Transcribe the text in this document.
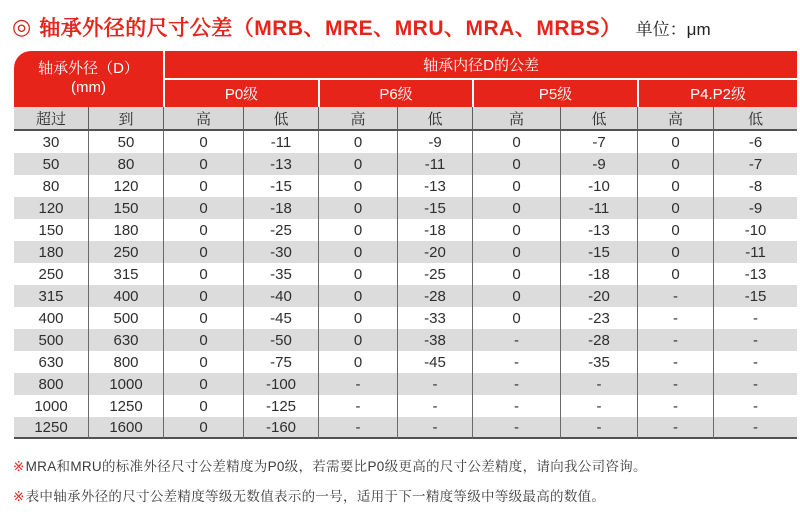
◎ 轴承外径的尺寸公差（MRB、MRE、MRU、MRA、MRBS） 单位：μm
轴承外径（D）
(mm)		轴承内径D的公差							
		P0级		P6级		P5级		P4.P2级	
超过	到	高	低	高	低	高	低	高	低
30	50	0	-11	0	-9	0	-7	0	-6
50	80	0	-13	0	-11	0	-9	0	-7
80	120	0	-15	0	-13	0	-10	0	-8
120	150	0	-18	0	-15	0	-11	0	-9
150	180	0	-25	0	-18	0	-13	0	-10
180	250	0	-30	0	-20	0	-15	0	-11
250	315	0	-35	0	-25	0	-18	0	-13
315	400	0	-40	0	-28	0	-20	-	-15
400	500	0	-45	0	-33	0	-23	-	-
500	630	0	-50	0	-38	-	-28	-	-
630	800	0	-75	0	-45	-	-35	-	-
800	1000	0	-100	-	-	-	-	-	-
1000	1250	0	-125	-	-	-	-	-	-
1250	1600	0	-160	-	-	-	-	-	-
※MRA和MRU的标准外径尺寸公差精度为P0级，若需要比P0级更高的尺寸公差精度，请向我公司咨询。
※表中轴承外径的尺寸公差精度等级无数值表示的一号，适用于下一精度等级中等级最高的数值。
